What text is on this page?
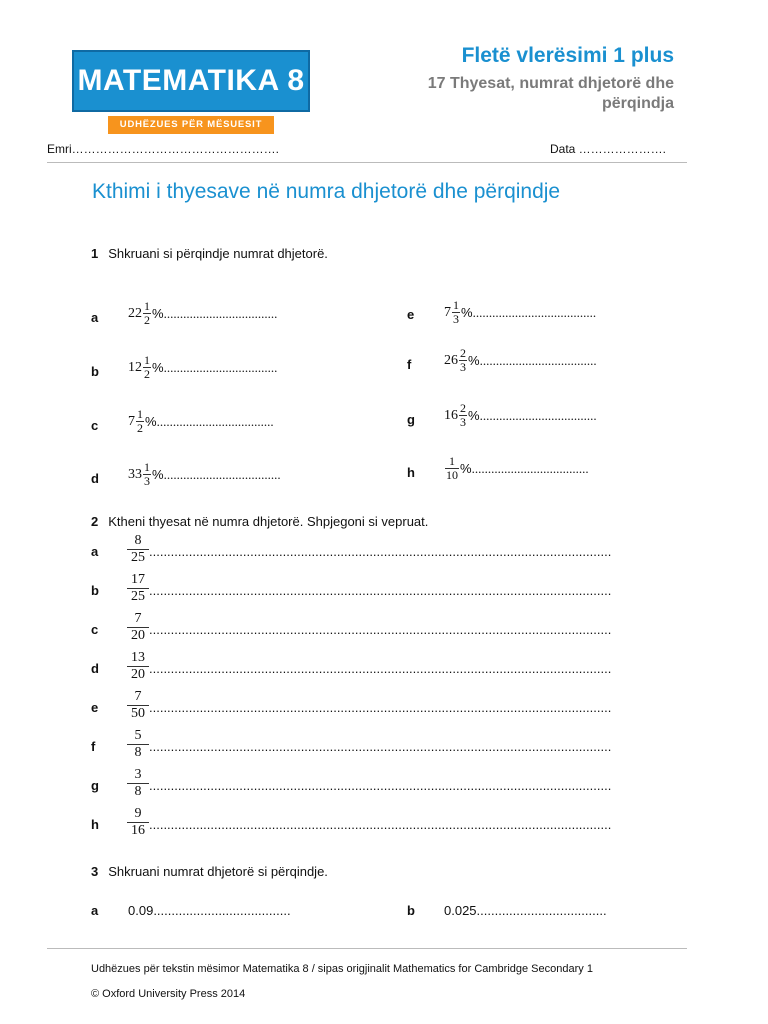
MATEMATIKA 8
UDHËZUES PËR MËSUESIT
Fletë vlerësimi 1 plus
17 Thyesat, numrat dhjetorë dhe përqindja
Emri…………………………………………….	Data ………………….
Kthimi i thyesave në numra dhjetorë dhe përqindje
1 Shkruani si përqindje numrat dhjetorë.
a $22 \frac{1}{2}$ % ...................................
b $12 \frac{1}{2}$ % ...................................
c $7 \frac{1}{2}$ % ....................................
d $33 \frac{1}{3}$ % ....................................
e $7 \frac{1}{3}$ % ......................................
f $26 \frac{2}{3}$ % ....................................
g $16 \frac{2}{3}$ % ....................................
h	$\frac{1}{10}$ % ....................................
2 Ktheni thyesat në numra dhjetorë. Shpjegoni si vepruat.
a $\frac{8}{25}$ ................................................................................................................................
b $\frac{17}{25}$ ................................................................................................................................
c $\frac{7}{20}$ ................................................................................................................................
d $\frac{13}{20}$ ................................................................................................................................
e $\frac{7}{50}$ ................................................................................................................................
f $\frac{5}{8}$ ................................................................................................................................
g $\frac{3}{8}$ ................................................................................................................................
h $\frac{9}{16}$ ................................................................................................................................
3 Shkruani numrat dhjetorë si përqindje.
a 0.09......................................	b 0.025....................................
Udhëzues për tekstin mësimor Matematika 8 / sipas origjinalit Mathematics for Cambridge Secondary 1
© Oxford University Press 2014
